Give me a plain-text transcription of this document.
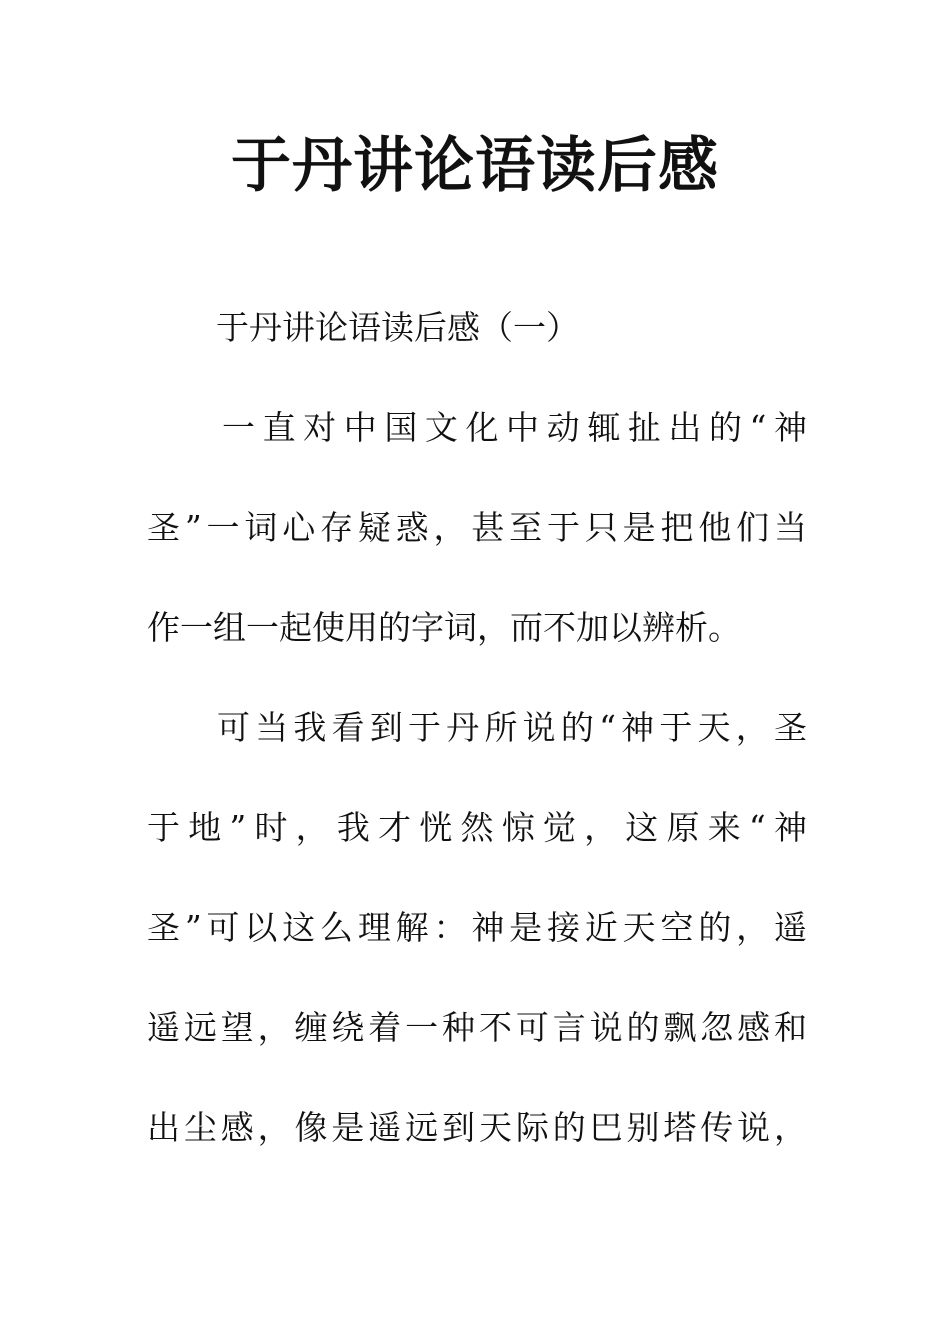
于丹讲论语读后感
于丹讲论语读后感（一）
一直对中国文化中动辄扯出的“神
圣”一词心存疑惑，甚至于只是把他们当
作一组一起使用的字词，而不加以辨析。
可当我看到于丹所说的“神于天，圣
于地”时，我才恍然惊觉，这原来“神
圣”可以这么理解：神是接近天空的，遥
遥远望，缠绕着一种不可言说的飘忽感和
出尘感，像是遥远到天际的巴别塔传说，
